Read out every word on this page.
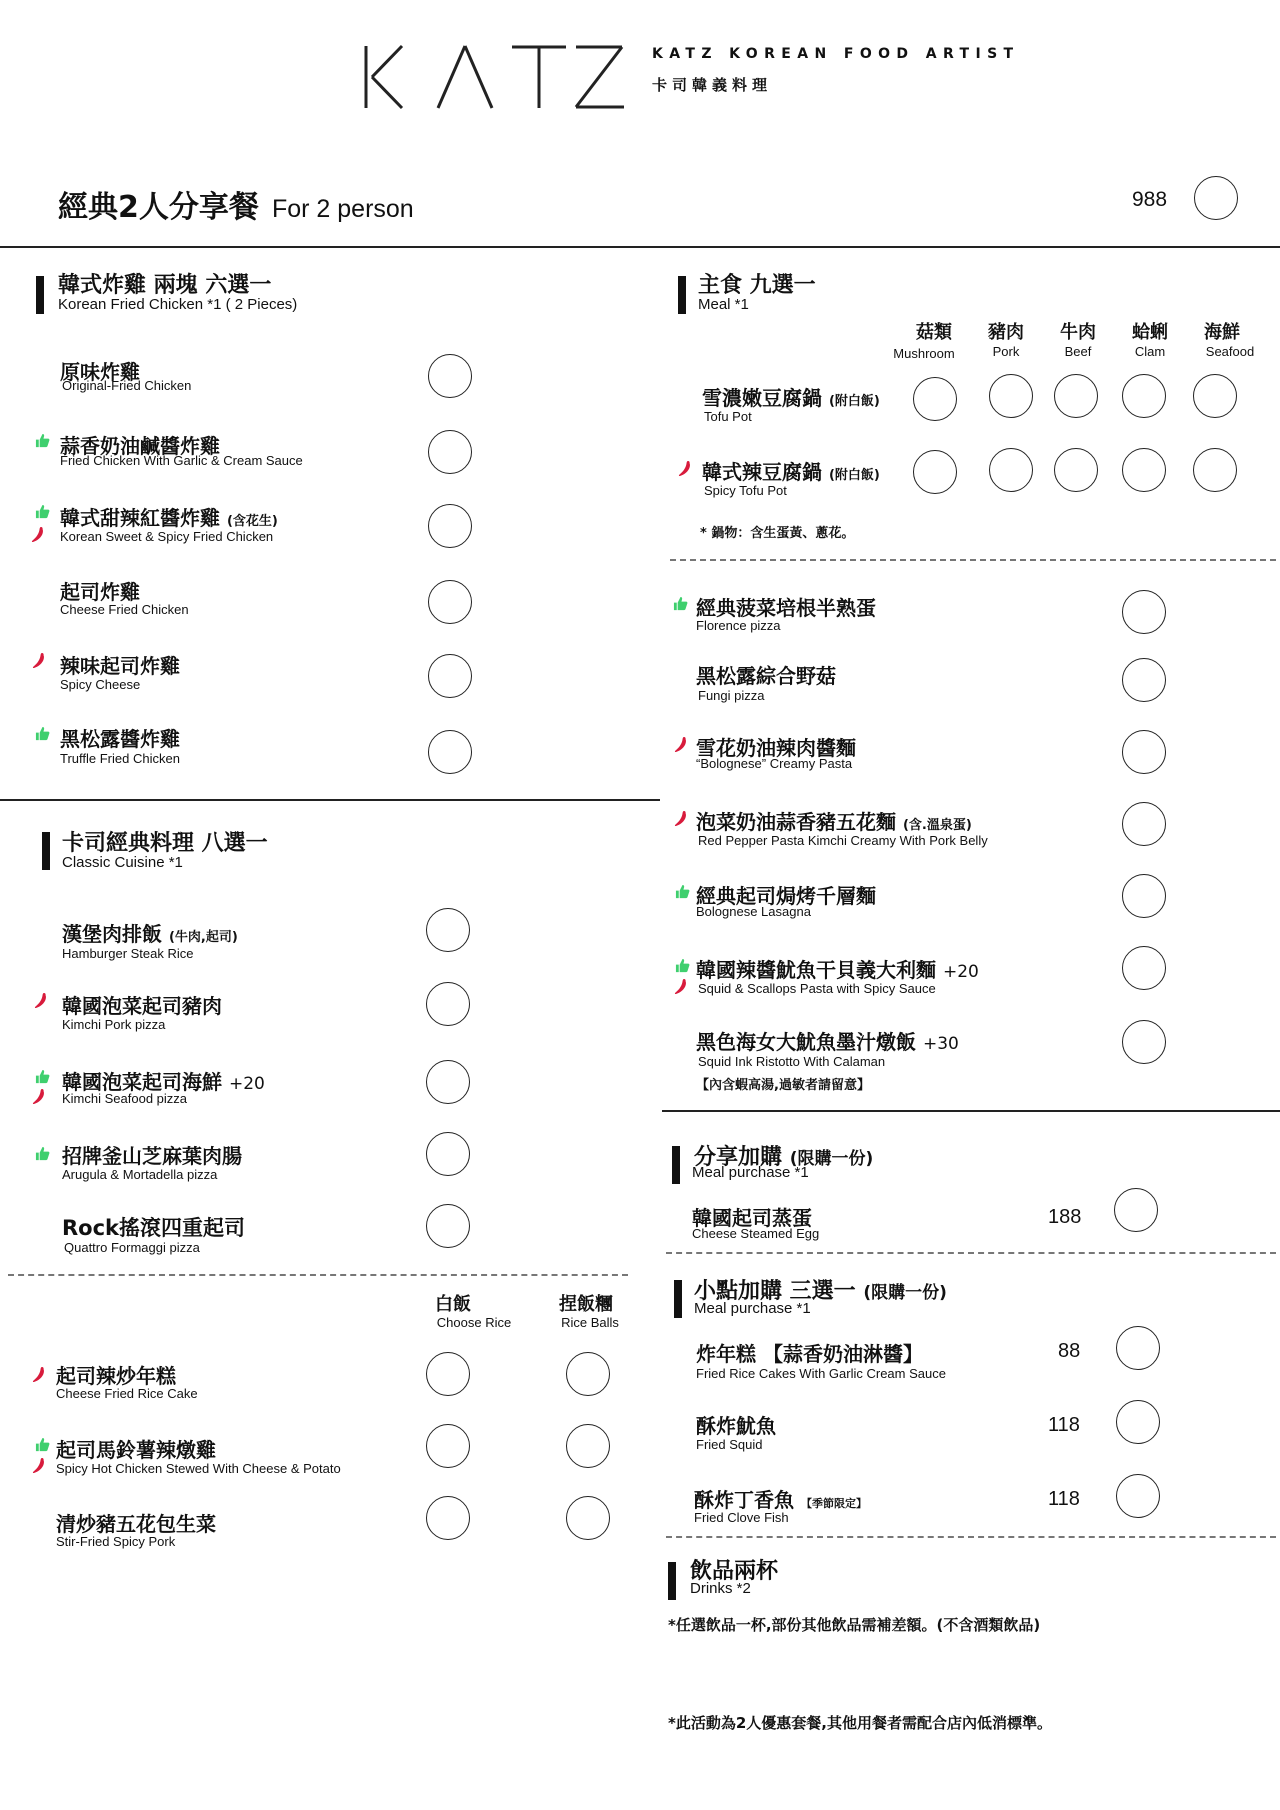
KATZ KOREAN FOOD ARTIST
卡司韓義料理
經典2人分享餐 For 2 person	988
韓式炸雞 兩塊 六選一
Korean Fried Chicken *1 ( 2 Pieces)
原味炸雞
Original-Fried Chicken
蒜香奶油鹹醬炸雞
Fried Chicken With Garlic & Cream Sauce
韓式甜辣紅醬炸雞 (含花生)
Korean Sweet & Spicy Fried Chicken
起司炸雞
Cheese Fried Chicken
辣味起司炸雞
Spicy Cheese
黑松露醬炸雞
Truffle Fried Chicken
卡司經典料理 八選一
Classic Cuisine *1
漢堡肉排飯 (牛肉,起司)
Hamburger Steak Rice
韓國泡菜起司豬肉
Kimchi Pork pizza
韓國泡菜起司海鮮 +20
Kimchi Seafood pizza
招牌釜山芝麻葉肉腸
Arugula & Mortadella pizza
Rock搖滾四重起司
Quattro Formaggi pizza
白飯
Choose Rice
捏飯糰
Rice Balls
起司辣炒年糕
Cheese Fried Rice Cake
起司馬鈴薯辣燉雞
Spicy Hot Chicken Stewed With Cheese & Potato
清炒豬五花包生菜
Stir-Fried Spicy Pork
主食 九選一
Meal *1
菇類
Mushroom
豬肉
Pork
牛肉
Beef
蛤蜊
Clam
海鮮
Seafood
雪濃嫩豆腐鍋 (附白飯)
Tofu Pot
韓式辣豆腐鍋 (附白飯)
Spicy Tofu Pot
* 鍋物：含生蛋黃、蔥花。
經典菠菜培根半熟蛋
Florence pizza
黑松露綜合野菇
Fungi pizza
雪花奶油辣肉醬麵
“Bolognese” Creamy Pasta
泡菜奶油蒜香豬五花麵 (含.溫泉蛋)
Red Pepper Pasta Kimchi Creamy With Pork Belly
經典起司焗烤千層麵
Bolognese Lasagna
韓國辣醬魷魚干貝義大利麵 +20
Squid & Scallops Pasta with Spicy Sauce
黑色海女大魷魚墨汁燉飯 +30
Squid Ink Ristotto With Calaman
【內含蝦高湯,過敏者請留意】
分享加購 (限購一份)
Meal purchase *1
韓國起司蒸蛋
Cheese Steamed Egg
188
小點加購 三選一 (限購一份)
Meal purchase *1
炸年糕 【蒜香奶油淋醬】
Fried Rice Cakes With Garlic Cream Sauce
88
酥炸魷魚
Fried Squid
118
酥炸丁香魚 【季節限定】
Fried Clove Fish
118
飲品兩杯
Drinks *2
*任選飲品一杯,部份其他飲品需補差額。(不含酒類飲品)
*此活動為2人優惠套餐,其他用餐者需配合店內低消標準。
